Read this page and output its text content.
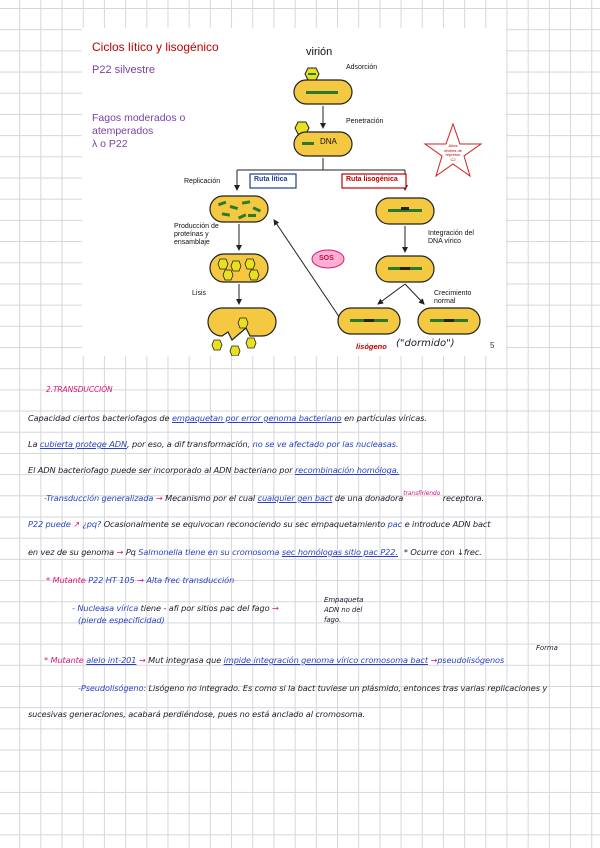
Ciclos lítico y lisogénico
P22 silvestre
Fagos moderados o
atemperados
λ o P22
virión
Adsorción
Penetración
DNA	Altos
niveles de
represor
C2
Replicación	Ruta lítica	Ruta lisogénica
Producción de
proteínas y
ensamblaje
Integración del
DNA vírico
SOS
Lisis	Crecimiento
normal
lisógeno ("dormido")	5
2.TRANSDUCCIÓN
Capacidad ciertos bacteriofagos de empaquetan por error genoma bacteriano en partículas víricas.
La cubierta protege ADN, por eso, a dif transformación, no se ve afectado por las nucleasas.
El ADN bacteriofago puede ser incorporado al ADN bacteriano por recombinación homóloga.
-Transducción generalizada → Mecanismo por el cual cualquier gen bact de una donadora$^{transfiriendo}$ receptora.
P22 puede ↗ ¿pq? Ocasionalmente se equivocan reconociendo su sec empaquetamiento pac e introduce ADN bact
en vez de su genoma → Pq Salmonella tiene en su cromosoma sec homólogas sitio pac P22. * Ocurre con ↓frec.
* Mutante P22 HT 105 → Alta frec transducción
- Nucleasa vírica tiene - afi por sitios pac del fago →
(pierde especificidad)
Empaqueta
ADN no del
fago.
* Mutante alelo int-201 → Mut integrasa que impide integración genoma vírico cromosoma bact →pseudolisógenos
Forma
-Pseudolisógeno: Lisógeno no integrado. Es como si la bact tuviese un plásmido, entonces tras varias replicaciones y
sucesivas generaciones, acabará perdiéndose, pues no está anclado al cromosoma.
